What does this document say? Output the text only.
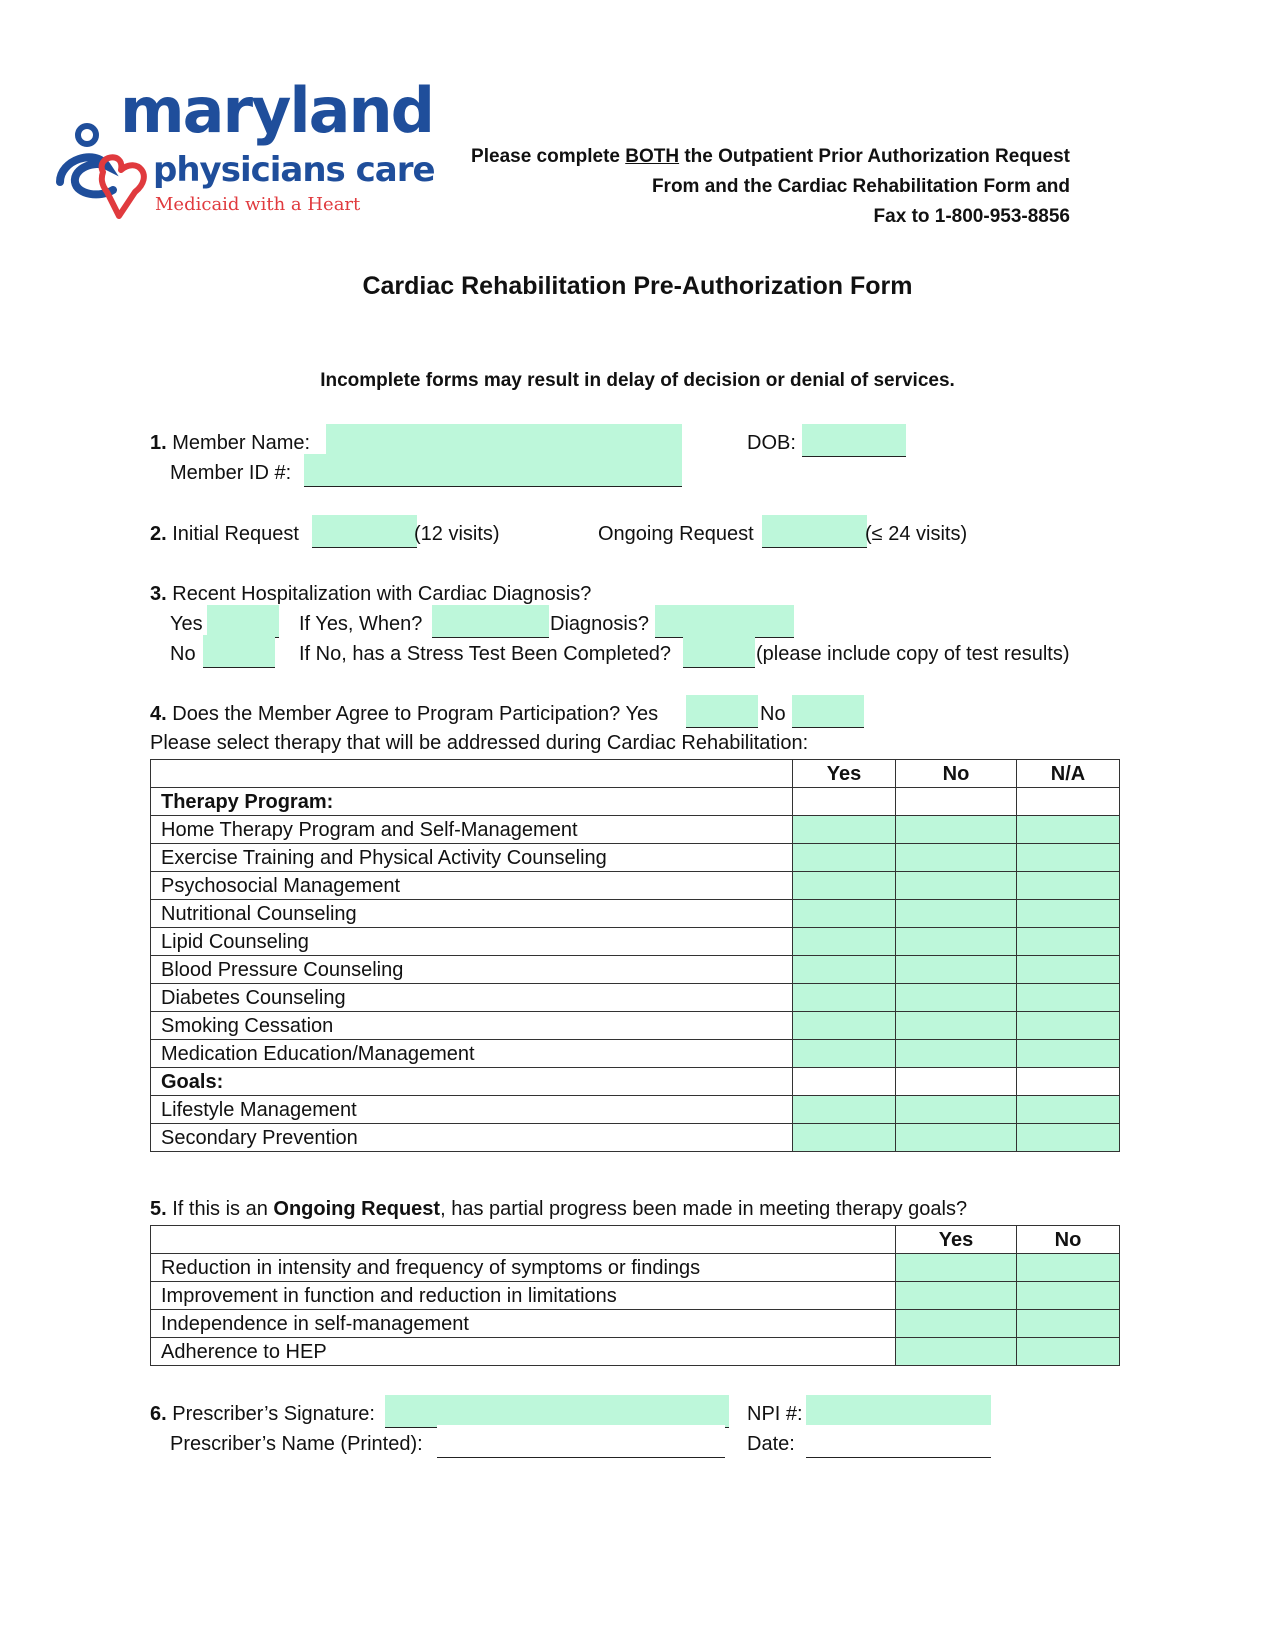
maryland
physicians care
Medicaid with a Heart
Please complete BOTH the Outpatient Prior Authorization Request
From and the Cardiac Rehabilitation Form and
Fax to 1-800-953-8856
Cardiac Rehabilitation Pre-Authorization Form
Incomplete forms may result in delay of decision or denial of services.
1. Member Name:	DOB:
Member ID #:
2. Initial Request	(12 visits)	Ongoing Request	(≤ 24 visits)
3. Recent Hospitalization with Cardiac Diagnosis?
Yes	If Yes, When?	Diagnosis?
No	If No, has a Stress Test Been Completed?	(please include copy of test results)
4. Does the Member Agree to Program Participation? Yes	No
Please select therapy that will be addressed during Cardiac Rehabilitation:
	Yes	No	N/A
Therapy Program:			
Home Therapy Program and Self-Management			
Exercise Training and Physical Activity Counseling			
Psychosocial Management			
Nutritional Counseling			
Lipid Counseling			
Blood Pressure Counseling			
Diabetes Counseling			
Smoking Cessation			
Medication Education/Management			
Goals:			
Lifestyle Management			
Secondary Prevention			
5. If this is an Ongoing Request, has partial progress been made in meeting therapy goals?
	Yes	No
Reduction in intensity and frequency of symptoms or findings		
Improvement in function and reduction in limitations		
Independence in self-management		
Adherence to HEP		
6. Prescriber’s Signature:	NPI #:
Prescriber’s Name (Printed):	Date:
